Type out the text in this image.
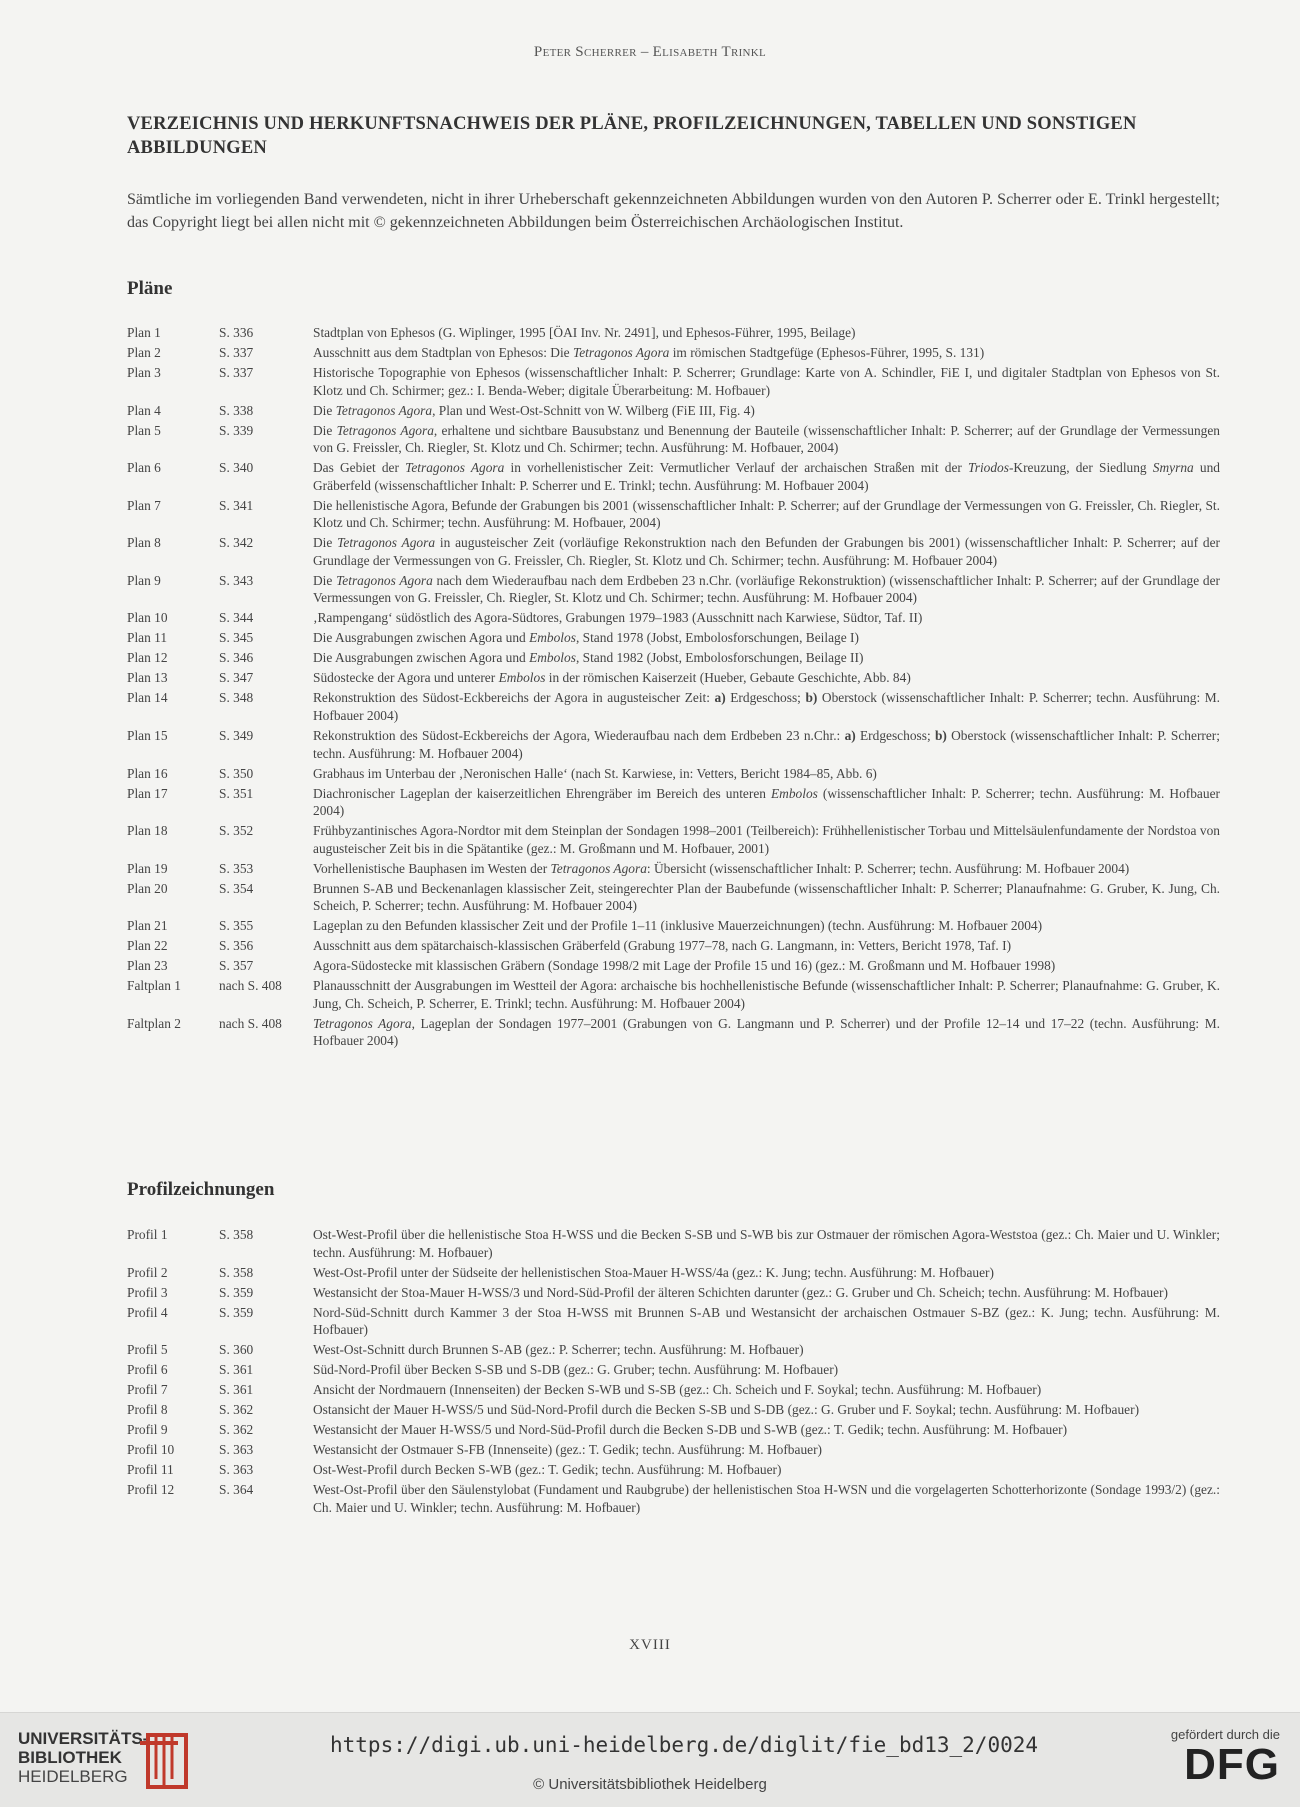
Peter Scherrer – Elisabeth Trinkl
VERZEICHNIS UND HERKUNFTSNACHWEIS DER PLÄNE, PROFILZEICHNUNGEN, TABELLEN UND SONSTIGEN ABBILDUNGEN
Sämtliche im vorliegenden Band verwendeten, nicht in ihrer Urheberschaft gekennzeichneten Abbildungen wurden von den Autoren P. Scherrer oder E. Trinkl hergestellt; das Copyright liegt bei allen nicht mit © gekennzeichneten Abbildungen beim Österreichischen Archäologischen Institut.
Pläne
Plan 1	S. 336	Stadtplan von Ephesos (G. Wiplinger, 1995 [ÖAI Inv. Nr. 2491], und Ephesos-Führer, 1995, Beilage)
Plan 2	S. 337	Ausschnitt aus dem Stadtplan von Ephesos: Die Tetragonos Agora im römischen Stadtgefüge (Ephesos-Führer, 1995, S. 131)
Plan 3	S. 337	Historische Topographie von Ephesos (wissenschaftlicher Inhalt: P. Scherrer; Grundlage: Karte von A. Schindler, FiE I, und digitaler Stadtplan von Ephesos von St. Klotz und Ch. Schirmer; gez.: I. Benda-Weber; digitale Überarbeitung: M. Hofbauer)
Plan 4	S. 338	Die Tetragonos Agora, Plan und West-Ost-Schnitt von W. Wilberg (FiE III, Fig. 4)
Plan 5	S. 339	Die Tetragonos Agora, erhaltene und sichtbare Bausubstanz und Benennung der Bauteile (wissenschaftlicher Inhalt: P. Scherrer; auf der Grundlage der Vermessungen von G. Freissler, Ch. Riegler, St. Klotz und Ch. Schirmer; techn. Ausführung: M. Hofbauer, 2004)
Plan 6	S. 340	Das Gebiet der Tetragonos Agora in vorhellenistischer Zeit: Vermutlicher Verlauf der archaischen Straßen mit der Triodos-Kreuzung, der Siedlung Smyrna und Gräberfeld (wissenschaftlicher Inhalt: P. Scherrer und E. Trinkl; techn. Ausführung: M. Hofbauer 2004)
Plan 7	S. 341	Die hellenistische Agora, Befunde der Grabungen bis 2001 (wissenschaftlicher Inhalt: P. Scherrer; auf der Grundlage der Vermessungen von G. Freissler, Ch. Riegler, St. Klotz und Ch. Schirmer; techn. Ausführung: M. Hofbauer, 2004)
Plan 8	S. 342	Die Tetragonos Agora in augusteischer Zeit (vorläufige Rekonstruktion nach den Befunden der Grabungen bis 2001) (wissenschaftlicher Inhalt: P. Scherrer; auf der Grundlage der Vermessungen von G. Freissler, Ch. Riegler, St. Klotz und Ch. Schirmer; techn. Ausführung: M. Hofbauer 2004)
Plan 9	S. 343	Die Tetragonos Agora nach dem Wiederaufbau nach dem Erdbeben 23 n.Chr. (vorläufige Rekonstruktion) (wissenschaftlicher Inhalt: P. Scherrer; auf der Grundlage der Vermessungen von G. Freissler, Ch. Riegler, St. Klotz und Ch. Schirmer; techn. Ausführung: M. Hofbauer 2004)
Plan 10	S. 344	‚Rampengang‘ südöstlich des Agora-Südtores, Grabungen 1979–1983 (Ausschnitt nach Karwiese, Südtor, Taf. II)
Plan 11	S. 345	Die Ausgrabungen zwischen Agora und Embolos, Stand 1978 (Jobst, Embolosforschungen, Beilage I)
Plan 12	S. 346	Die Ausgrabungen zwischen Agora und Embolos, Stand 1982 (Jobst, Embolosforschungen, Beilage II)
Plan 13	S. 347	Südostecke der Agora und unterer Embolos in der römischen Kaiserzeit (Hueber, Gebaute Geschichte, Abb. 84)
Plan 14	S. 348	Rekonstruktion des Südost-Eckbereichs der Agora in augusteischer Zeit: a) Erdgeschoss; b) Oberstock (wissenschaftlicher Inhalt: P. Scherrer; techn. Ausführung: M. Hofbauer 2004)
Plan 15	S. 349	Rekonstruktion des Südost-Eckbereichs der Agora, Wiederaufbau nach dem Erdbeben 23 n.Chr.: a) Erdgeschoss; b) Oberstock (wissenschaftlicher Inhalt: P. Scherrer; techn. Ausführung: M. Hofbauer 2004)
Plan 16	S. 350	Grabhaus im Unterbau der ‚Neronischen Halle‘ (nach St. Karwiese, in: Vetters, Bericht 1984–85, Abb. 6)
Plan 17	S. 351	Diachronischer Lageplan der kaiserzeitlichen Ehrengräber im Bereich des unteren Embolos (wissenschaftlicher Inhalt: P. Scherrer; techn. Ausführung: M. Hofbauer 2004)
Plan 18	S. 352	Frühbyzantinisches Agora-Nordtor mit dem Steinplan der Sondagen 1998–2001 (Teilbereich): Frühhellenistischer Torbau und Mittelsäulenfundamente der Nordstoa von augusteischer Zeit bis in die Spätantike (gez.: M. Großmann und M. Hofbauer, 2001)
Plan 19	S. 353	Vorhellenistische Bauphasen im Westen der Tetragonos Agora: Übersicht (wissenschaftlicher Inhalt: P. Scherrer; techn. Ausführung: M. Hofbauer 2004)
Plan 20	S. 354	Brunnen S-AB und Beckenanlagen klassischer Zeit, steingerechter Plan der Baubefunde (wissenschaftlicher Inhalt: P. Scherrer; Planaufnahme: G. Gruber, K. Jung, Ch. Scheich, P. Scherrer; techn. Ausführung: M. Hofbauer 2004)
Plan 21	S. 355	Lageplan zu den Befunden klassischer Zeit und der Profile 1–11 (inklusive Mauerzeichnungen) (techn. Ausführung: M. Hofbauer 2004)
Plan 22	S. 356	Ausschnitt aus dem spätarchaisch-klassischen Gräberfeld (Grabung 1977–78, nach G. Langmann, in: Vetters, Bericht 1978, Taf. I)
Plan 23	S. 357	Agora-Südostecke mit klassischen Gräbern (Sondage 1998/2 mit Lage der Profile 15 und 16) (gez.: M. Großmann und M. Hofbauer 1998)
Faltplan 1	nach S. 408	Planausschnitt der Ausgrabungen im Westteil der Agora: archaische bis hochhellenistische Befunde (wissenschaftlicher Inhalt: P. Scherrer; Planaufnahme: G. Gruber, K. Jung, Ch. Scheich, P. Scherrer, E. Trinkl; techn. Ausführung: M. Hofbauer 2004)
Faltplan 2	nach S. 408	Tetragonos Agora, Lageplan der Sondagen 1977–2001 (Grabungen von G. Langmann und P. Scherrer) und der Profile 12–14 und 17–22 (techn. Ausführung: M. Hofbauer 2004)
Profilzeichnungen
Profil 1	S. 358	Ost-West-Profil über die hellenistische Stoa H-WSS und die Becken S-SB und S-WB bis zur Ostmauer der römischen Agora-Weststoa (gez.: Ch. Maier und U. Winkler; techn. Ausführung: M. Hofbauer)
Profil 2	S. 358	West-Ost-Profil unter der Südseite der hellenistischen Stoa-Mauer H-WSS/4a (gez.: K. Jung; techn. Ausführung: M. Hofbauer)
Profil 3	S. 359	Westansicht der Stoa-Mauer H-WSS/3 und Nord-Süd-Profil der älteren Schichten darunter (gez.: G. Gruber und Ch. Scheich; techn. Ausführung: M. Hofbauer)
Profil 4	S. 359	Nord-Süd-Schnitt durch Kammer 3 der Stoa H-WSS mit Brunnen S-AB und Westansicht der archaischen Ostmauer S-BZ (gez.: K. Jung; techn. Ausführung: M. Hofbauer)
Profil 5	S. 360	West-Ost-Schnitt durch Brunnen S-AB (gez.: P. Scherrer; techn. Ausführung: M. Hofbauer)
Profil 6	S. 361	Süd-Nord-Profil über Becken S-SB und S-DB (gez.: G. Gruber; techn. Ausführung: M. Hofbauer)
Profil 7	S. 361	Ansicht der Nordmauern (Innenseiten) der Becken S-WB und S-SB (gez.: Ch. Scheich und F. Soykal; techn. Ausführung: M. Hofbauer)
Profil 8	S. 362	Ostansicht der Mauer H-WSS/5 und Süd-Nord-Profil durch die Becken S-SB und S-DB (gez.: G. Gruber und F. Soykal; techn. Ausführung: M. Hofbauer)
Profil 9	S. 362	Westansicht der Mauer H-WSS/5 und Nord-Süd-Profil durch die Becken S-DB und S-WB (gez.: T. Gedik; techn. Ausführung: M. Hofbauer)
Profil 10	S. 363	Westansicht der Ostmauer S-FB (Innenseite) (gez.: T. Gedik; techn. Ausführung: M. Hofbauer)
Profil 11	S. 363	Ost-West-Profil durch Becken S-WB (gez.: T. Gedik; techn. Ausführung: M. Hofbauer)
Profil 12	S. 364	West-Ost-Profil über den Säulenstylobat (Fundament und Raubgrube) der hellenistischen Stoa H-WSN und die vorgelagerten Schotterhorizonte (Sondage 1993/2) (gez.: Ch. Maier und U. Winkler; techn. Ausführung: M. Hofbauer)
XVIII
UNIVERSITÄTS-
BIBLIOTHEK
HEIDELBERG
https://digi.ub.uni-heidelberg.de/diglit/fie_bd13_2/0024
© Universitätsbibliothek Heidelberg
gefördert durch die
DFG
